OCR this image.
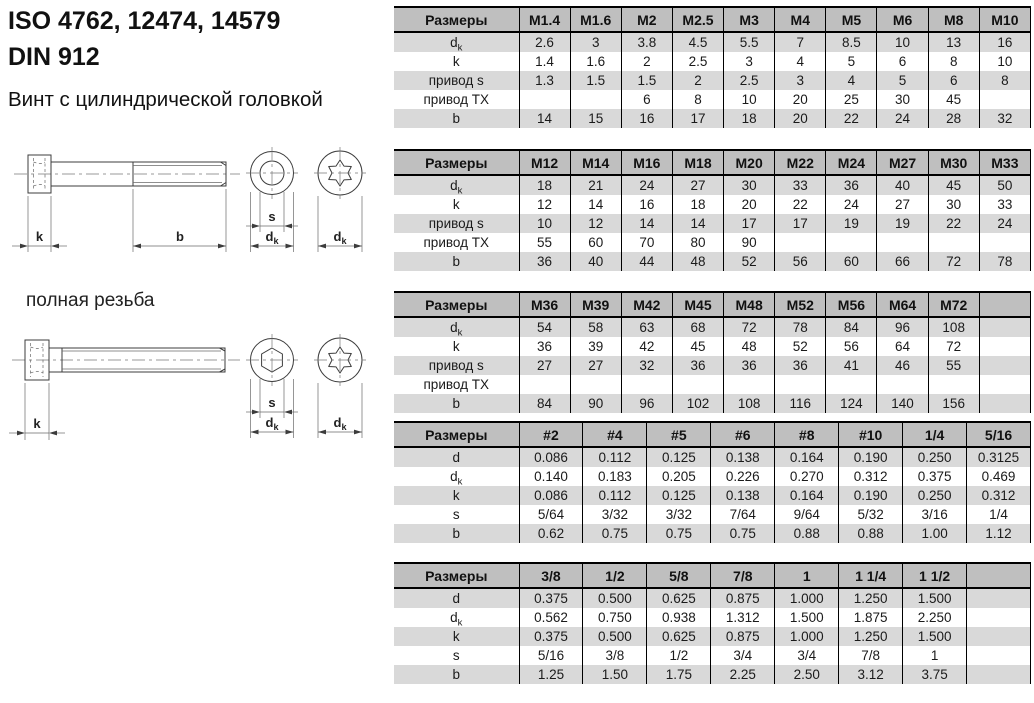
ISO 4762, 12474, 14579
DIN 912
Винт с цилиндрической головкой
полная резьба
k	b
s
$d_k$	$d_k$
k
s
$d_k$	$d_k$
Размеры	M1.4	M1.6	M2	M2.5	M3	M4	M5	M6	M8	M10
$d_k$	2.6	3	3.8	4.5	5.5	7	8.5	10	13	16
k	1.4	1.6	2	2.5	3	4	5	6	8	10
привод s	1.3	1.5	1.5	2	2.5	3	4	5	6	8
привод TX			6	8	10	20	25	30	45	
b	14	15	16	17	18	20	22	24	28	32
Размеры	M12	M14	M16	M18	M20	M22	M24	M27	M30	M33
$d_k$	18	21	24	27	30	33	36	40	45	50
k	12	14	16	18	20	22	24	27	30	33
привод s	10	12	14	14	17	17	19	19	22	24
привод TX	55	60	70	80	90					
b	36	40	44	48	52	56	60	66	72	78
Размеры	M36	M39	M42	M45	M48	M52	M56	M64	M72	
$d_k$	54	58	63	68	72	78	84	96	108	
k	36	39	42	45	48	52	56	64	72	
привод s	27	27	32	36	36	36	41	46	55	
привод TX										
b	84	90	96	102	108	116	124	140	156	
Размеры	#2	#4	#5	#6	#8	#10	1/4	5/16
d	0.086	0.112	0.125	0.138	0.164	0.190	0.250	0.3125
$d_k$	0.140	0.183	0.205	0.226	0.270	0.312	0.375	0.469
k	0.086	0.112	0.125	0.138	0.164	0.190	0.250	0.312
s	5/64	3/32	3/32	7/64	9/64	5/32	3/16	1/4
b	0.62	0.75	0.75	0.75	0.88	0.88	1.00	1.12
Размеры	3/8	1/2	5/8	7/8	1	1 1/4	1 1/2	
d	0.375	0.500	0.625	0.875	1.000	1.250	1.500	
$d_k$	0.562	0.750	0.938	1.312	1.500	1.875	2.250	
k	0.375	0.500	0.625	0.875	1.000	1.250	1.500	
s	5/16	3/8	1/2	3/4	3/4	7/8	1	
b	1.25	1.50	1.75	2.25	2.50	3.12	3.75	
